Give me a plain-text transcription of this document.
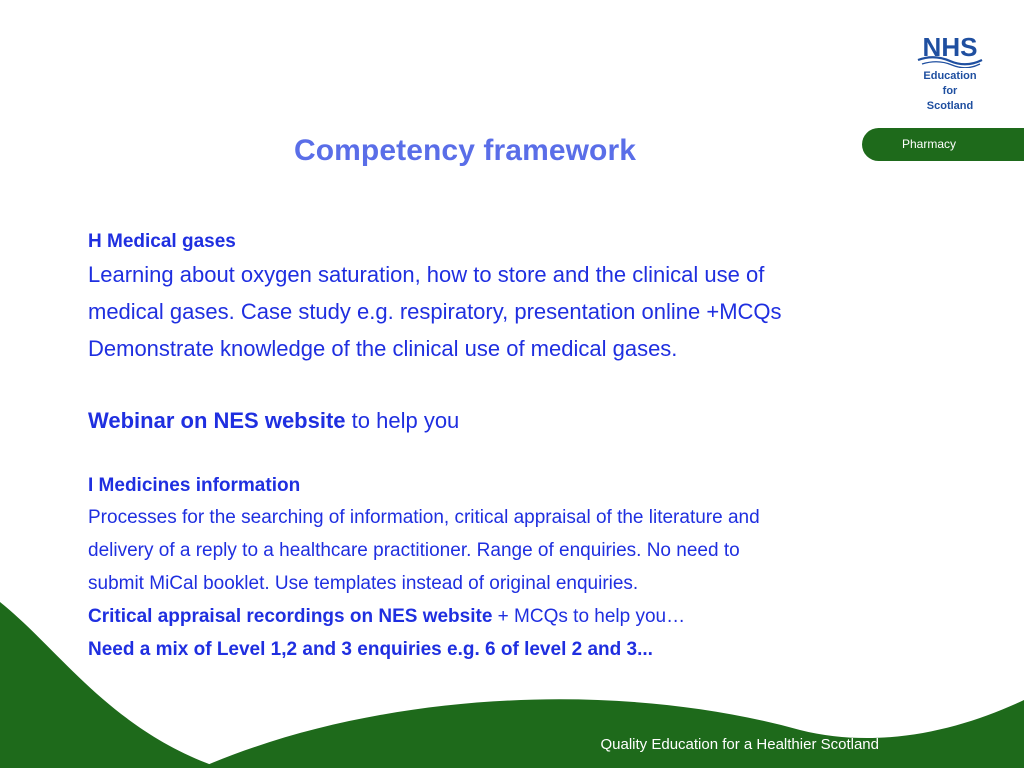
NHS
Education
for
Scotland
Pharmacy
Competency framework
H Medical gases
Learning about oxygen saturation, how to store and the clinical use of
medical gases. Case study e.g. respiratory, presentation online +MCQs
Demonstrate knowledge of the clinical use of medical gases.
Webinar on NES website to help you
I Medicines information
Processes for the searching of information, critical appraisal of the literature and
delivery of a reply to a healthcare practitioner. Range of enquiries. No need to
submit MiCal booklet. Use templates instead of original enquiries.
Critical appraisal recordings on NES website + MCQs to help you…
Need a mix of Level 1,2 and 3 enquiries e.g. 6 of level 2 and 3...
Quality Education for a Healthier Scotland
